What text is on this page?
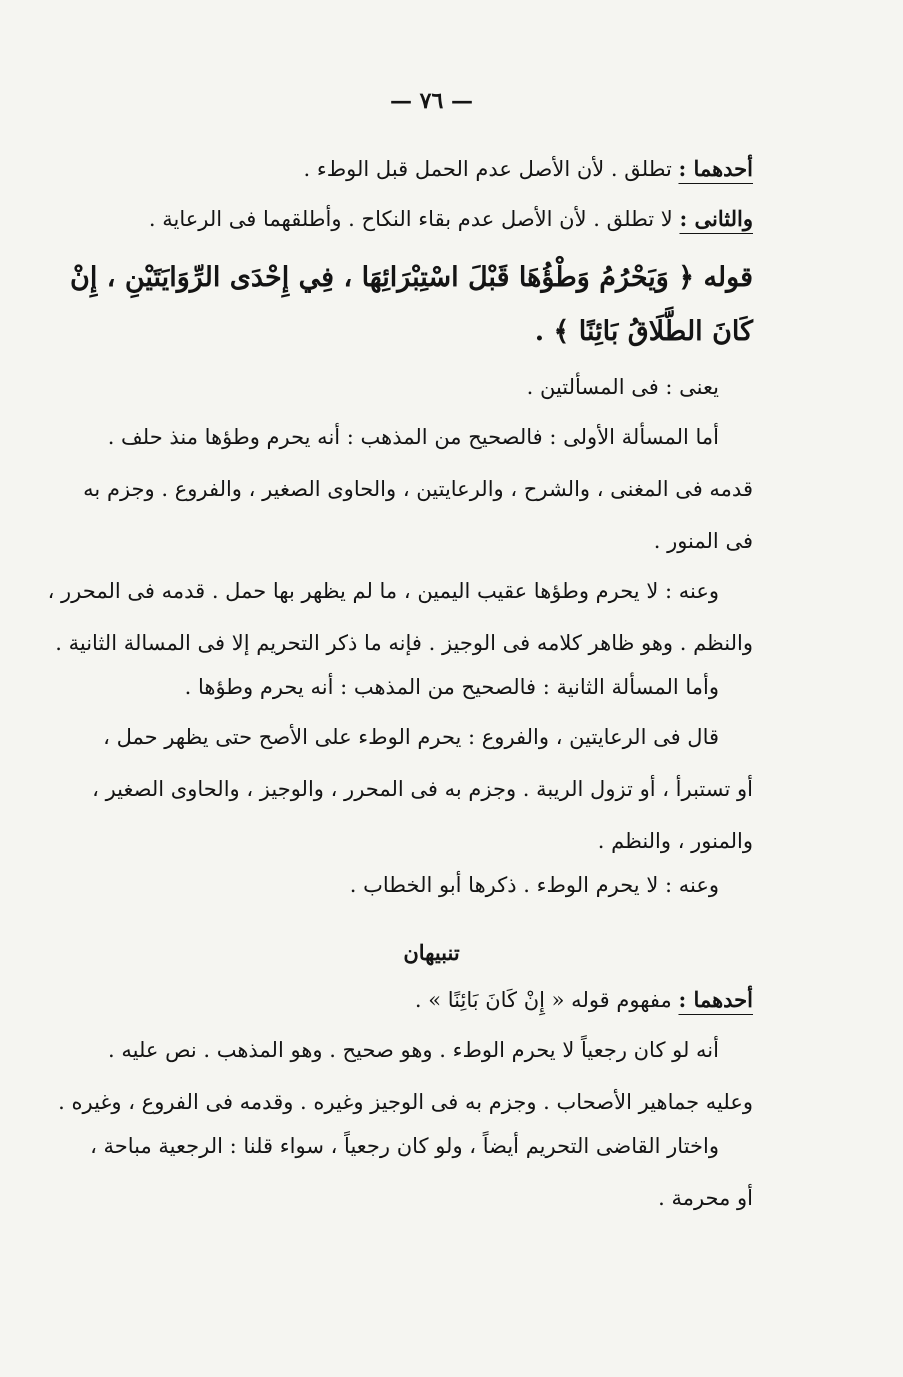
— ٧٦ —

أحدهما : تطلق . لأن الأصل عدم الحمل قبل الوطء .

والثانى : لا تطلق . لأن الأصل عدم بقاء النكاح . وأطلقهما فى الرعاية .

قوله ﴿ وَيَحْرُمُ وَطْؤُهَا قَبْلَ اسْتِبْرَائِهَا ، فِي إِحْدَى الرِّوَايَتَيْنِ ، إِنْ

كَانَ الطَّلَاقُ بَائِنًا ﴾ .

يعنى : فى المسألتين .

أما المسألة الأولى : فالصحيح من المذهب : أنه يحرم وطؤها منذ حلف .

قدمه فى المغنى ، والشرح ، والرعايتين ، والحاوى الصغير ، والفروع . وجزم به

فى المنور .

وعنه : لا يحرم وطؤها عقيب اليمين ، ما لم يظهر بها حمل . قدمه فى المحرر ،

والنظم . وهو ظاهر كلامه فى الوجيز . فإنه ما ذكر التحريم إلا فى المسالة الثانية .

وأما المسألة الثانية : فالصحيح من المذهب : أنه يحرم وطؤها .

قال فى الرعايتين ، والفروع : يحرم الوطء على الأصح حتى يظهر حمل ،

أو تستبرأ ، أو تزول الريبة . وجزم به فى المحرر ، والوجيز ، والحاوى الصغير ،

والمنور ، والنظم .

وعنه : لا يحرم الوطء . ذكرها أبو الخطاب .

تنبيهان

أحدهما : مفهوم قوله « إِنْ كَانَ بَائِنًا » .

أنه لو كان رجعياً لا يحرم الوطء . وهو صحيح . وهو المذهب . نص عليه .

وعليه جماهير الأصحاب . وجزم به فى الوجيز وغيره . وقدمه فى الفروع ، وغيره .

واختار القاضى التحريم أيضاً ، ولو كان رجعياً ، سواء قلنا : الرجعية مباحة ،

أو محرمة .
